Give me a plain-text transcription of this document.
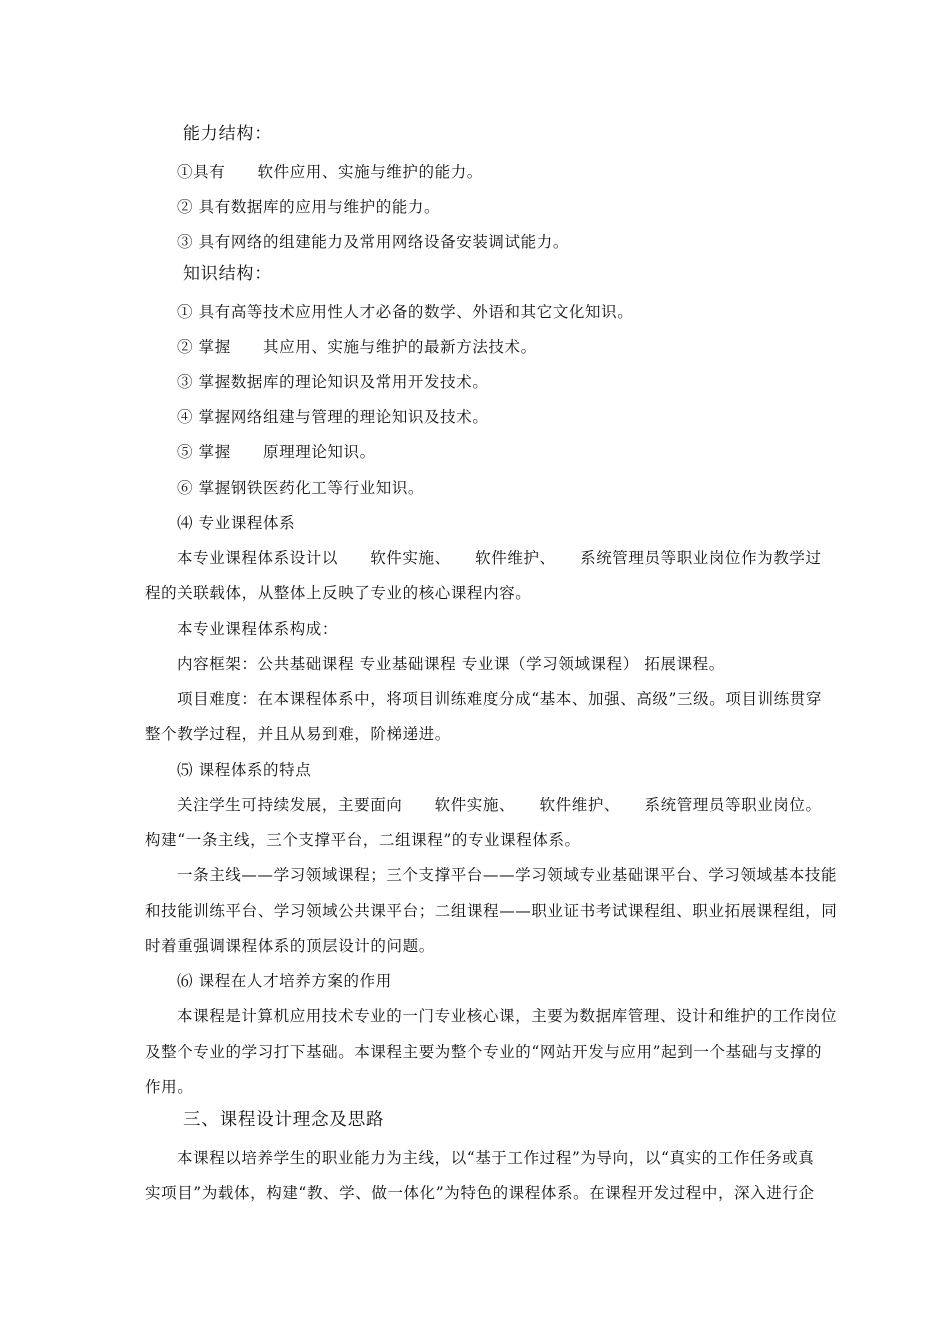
能力结构：

①具有　　软件应用、实施与维护的能力。

② 具有数据库的应用与维护的能力。

③ 具有网络的组建能力及常用网络设备安装调试能力。

知识结构：

① 具有高等技术应用性人才必备的数学、外语和其它文化知识。

② 掌握　　其应用、实施与维护的最新方法技术。

③ 掌握数据库的理论知识及常用开发技术。

④ 掌握网络组建与管理的理论知识及技术。

⑤ 掌握　　原理理论知识。

⑥ 掌握钢铁医药化工等行业知识。

⑷ 专业课程体系

本专业课程体系设计以　　软件实施、　　软件维护、　　系统管理员等职业岗位作为教学过

程的关联载体，从整体上反映了专业的核心课程内容。

本专业课程体系构成：

内容框架：公共基础课程 专业基础课程 专业课（学习领域课程） 拓展课程。

项目难度：在本课程体系中，将项目训练难度分成“基本、加强、高级”三级。项目训练贯穿

整个教学过程，并且从易到难，阶梯递进。

⑸ 课程体系的特点

关注学生可持续发展，主要面向　　软件实施、　　软件维护、　　系统管理员等职业岗位。

构建“一条主线，三个支撑平台，二组课程”的专业课程体系。

一条主线——学习领域课程；三个支撑平台——学习领域专业基础课平台、学习领域基本技能

和技能训练平台、学习领域公共课平台；二组课程——职业证书考试课程组、职业拓展课程组，同

时着重强调课程体系的顶层设计的问题。

⑹ 课程在人才培养方案的作用

本课程是计算机应用技术专业的一门专业核心课，主要为数据库管理、设计和维护的工作岗位

及整个专业的学习打下基础。本课程主要为整个专业的“网站开发与应用”起到一个基础与支撑的

作用。

三、课程设计理念及思路

本课程以培养学生的职业能力为主线，以“基于工作过程”为导向，以“真实的工作任务或真

实项目”为载体，构建“教、学、做一体化”为特色的课程体系。在课程开发过程中，深入进行企
